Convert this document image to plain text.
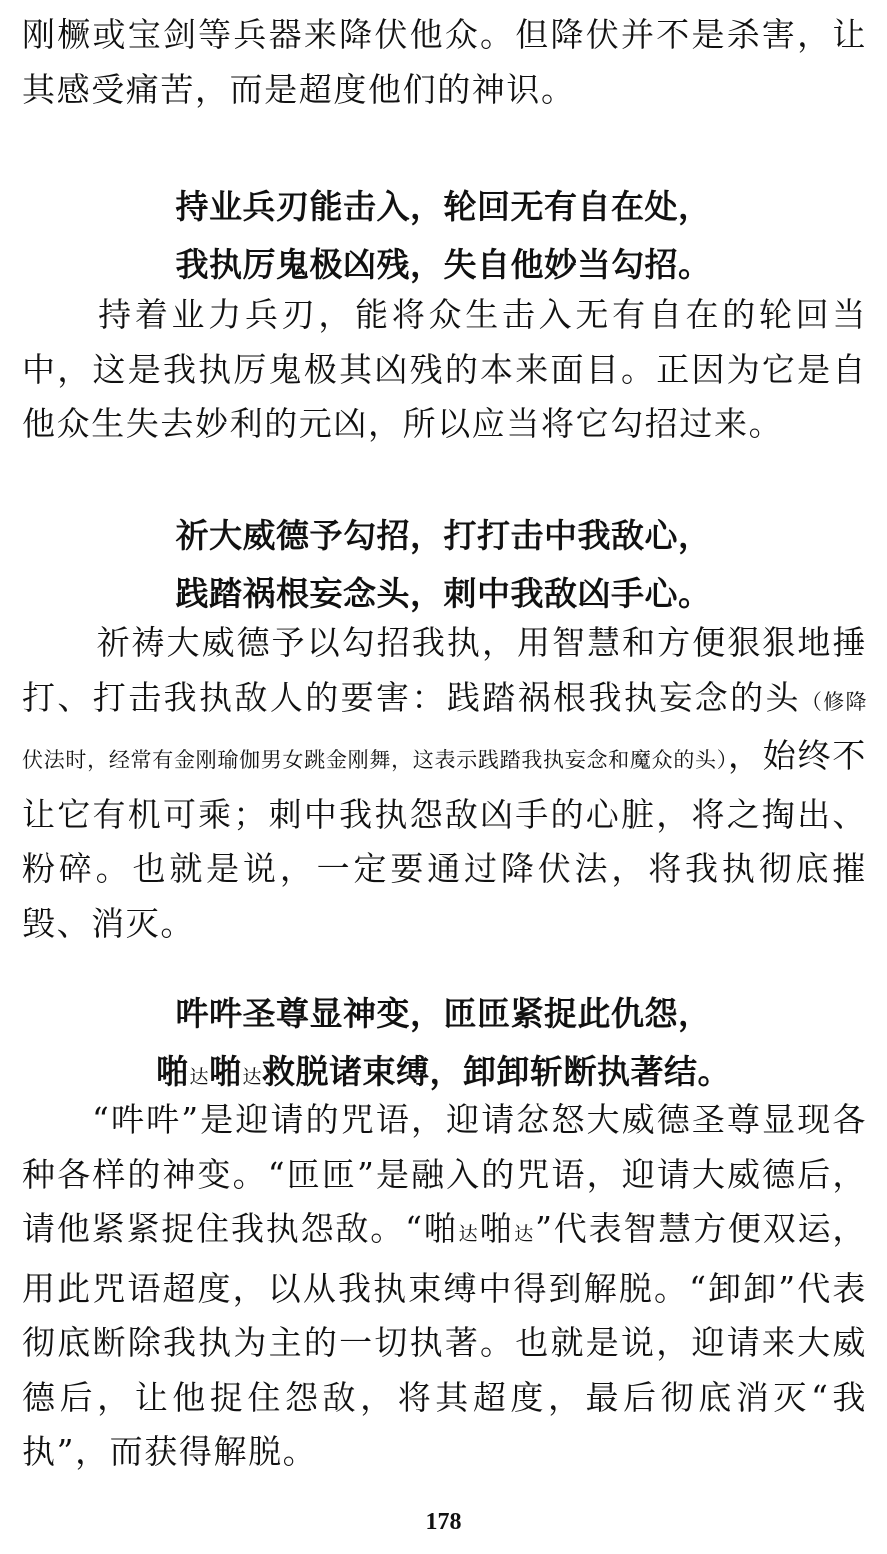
刚橛或宝剑等兵器来降伏他众。但降伏并不是杀害，让其感受痛苦，而是超度他们的神识。

持业兵刃能击入，轮回无有自在处，
我执厉鬼极凶残，失自他妙当勾招。

持着业力兵刃，能将众生击入无有自在的轮回当中，这是我执厉鬼极其凶残的本来面目。正因为它是自他众生失去妙利的元凶，所以应当将它勾招过来。

祈大威德予勾招，打打击中我敌心，
践踏祸根妄念头，刺中我敌凶手心。
祈祷大威德予以勾招我执，用智慧和方便狠狠地捶打、打击我执敌人的要害：践踏祸根我执妄念的头（修降伏法时，经常有金刚瑜伽男女跳金刚舞，这表示践踏我执妄念和魔众的头），始终不让它有机可乘；刺中我执怨敌凶手的心脏，将之掏出、粉碎。也就是说，一定要通过降伏法，将我执彻底摧毁、消灭。
吽吽圣尊显神变，匝匝紧捉此仇怨，
啪达啪达救脱诸束缚，卸卸斩断执著结。
“吽吽”是迎请的咒语，迎请忿怒大威德圣尊显现各种各样的神变。“匝匝”是融入的咒语，迎请大威德后，请他紧紧捉住我执怨敌。“啪达啪达”代表智慧方便双运，用此咒语超度，以从我执束缚中得到解脱。“卸卸”代表彻底断除我执为主的一切执著。也就是说，迎请来大威德后，让他捉住怨敌，将其超度，最后彻底消灭“我执”，而获得解脱。
178
